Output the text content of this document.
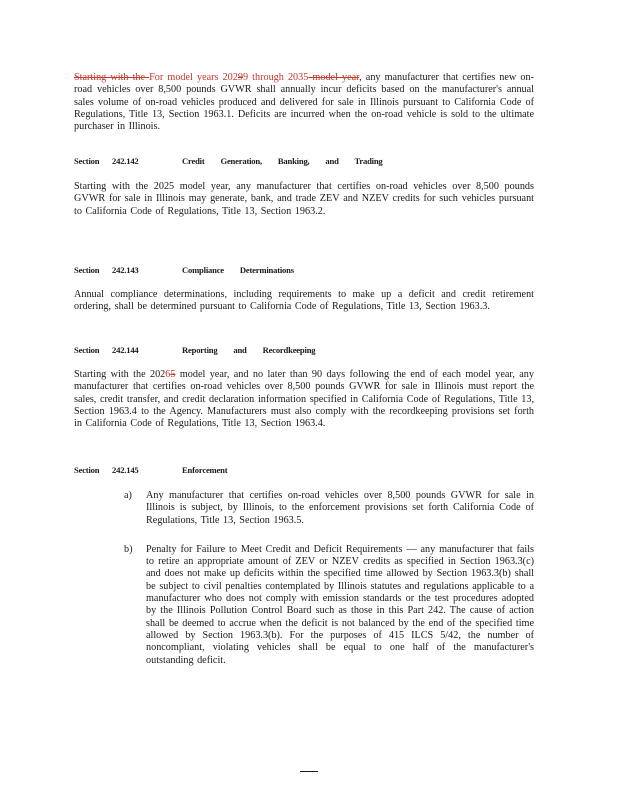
Starting with the For model years 20299 through 2035 model year, any manufacturer that certifies new on-road vehicles over 8,500 pounds GVWR shall annually incur deficits based on the manufacturer's annual sales volume of on-road vehicles produced and delivered for sale in Illinois pursuant to California Code of Regulations, Title 13, Section 1963.1. Deficits are incurred when the on-road vehicle is sold to the ultimate purchaser in Illinois.
Section	242.142	Credit Generation, Banking, and Trading
Starting with the 2025 model year, any manufacturer that certifies on-road vehicles over 8,500 pounds GVWR for sale in Illinois may generate, bank, and trade ZEV and NZEV credits for such vehicles pursuant to California Code of Regulations, Title 13, Section 1963.2.
Section	242.143	Compliance Determinations
Annual compliance determinations, including requirements to make up a deficit and credit retirement ordering, shall be determined pursuant to California Code of Regulations, Title 13, Section 1963.3.
Section	242.144	Reporting and Recordkeeping
Starting with the 20265 model year, and no later than 90 days following the end of each model year, any manufacturer that certifies on-road vehicles over 8,500 pounds GVWR for sale in Illinois must report the sales, credit transfer, and credit declaration information specified in California Code of Regulations, Title 13, Section 1963.4 to the Agency. Manufacturers must also comply with the recordkeeping provisions set forth in California Code of Regulations, Title 13, Section 1963.4.
Section	242.145	Enforcement
a) Any manufacturer that certifies on-road vehicles over 8,500 pounds GVWR for sale in Illinois is subject, by Illinois, to the enforcement provisions set forth California Code of Regulations, Title 13, Section 1963.5.
b) Penalty for Failure to Meet Credit and Deficit Requirements — any manufacturer that fails to retire an appropriate amount of ZEV or NZEV credits as specified in Section 1963.3(c) and does not make up deficits within the specified time allowed by Section 1963.3(b) shall be subject to civil penalties contemplated by Illinois statutes and regulations applicable to a manufacturer who does not comply with emission standards or the test procedures adopted by the Illinois Pollution Control Board such as those in this Part 242. The cause of action shall be deemed to accrue when the deficit is not balanced by the end of the specified time allowed by Section 1963.3(b). For the purposes of 415 ILCS 5/42, the number of noncompliant, violating vehicles shall be equal to one half of the manufacturer's outstanding deficit.
